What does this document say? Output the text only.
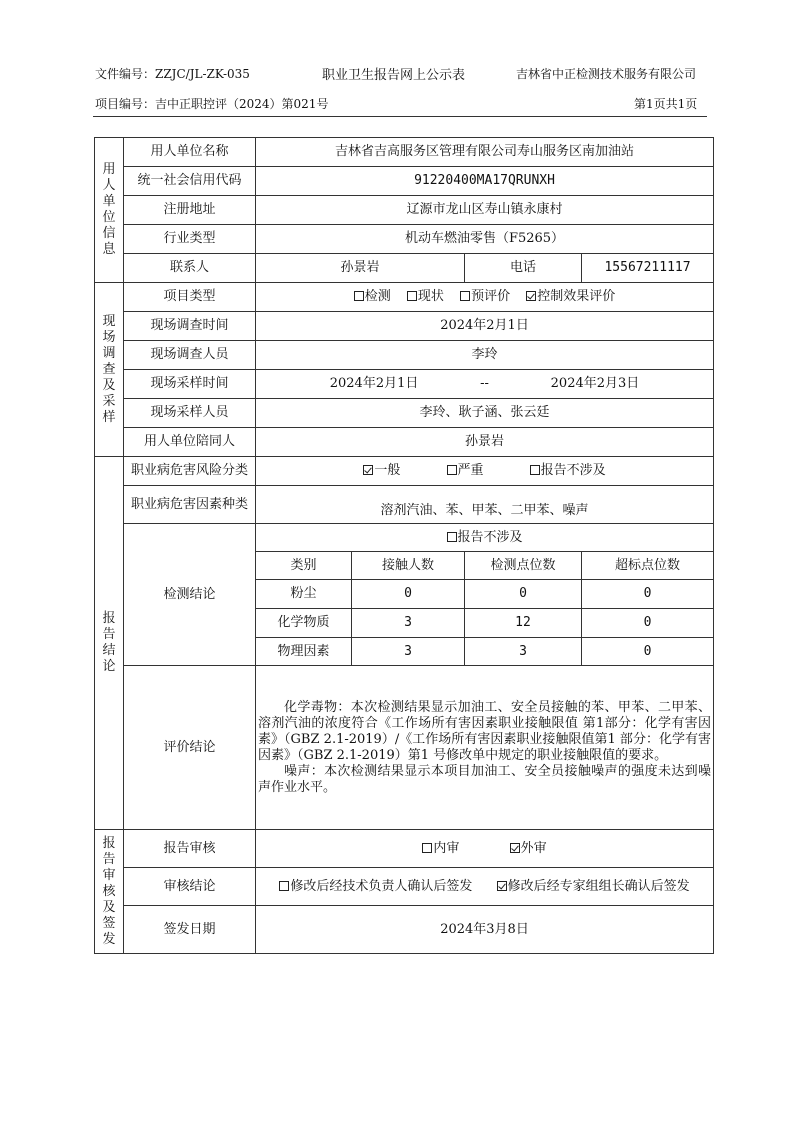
文件编号：ZZJC/JL-ZK-035	职业卫生报告网上公示表	吉林省中正检测技术服务有限公司
项目编号：吉中正职控评（2024）第021号	第1页共1页
用人单位信息	用人单位名称	吉林省吉高服务区管理有限公司寿山服务区南加油站			
	统一社会信用代码	91220400MA17QRUNXH			
	注册地址	辽源市龙山区寿山镇永康村			
	行业类型	机动车燃油零售（F5265）			
	联系人	孙景岩		电话	15567211117
现场调查及采样	项目类型	检测 现状 预评价 控制效果评价			
	现场调查时间	2024年2月1日			
	现场调查人员	李玲			
	现场采样时间	2024年2月1日 -- 2024年2月3日			
	现场采样人员	李玲、耿子涵、张云廷			
	用人单位陪同人	孙景岩			
报告结论	职业病危害风险分类	一般 严重 报告不涉及			
	职业病危害因素种类	溶剂汽油、苯、甲苯、二甲苯、噪声			
	检测结论	报告不涉及			
		类别	接触人数	检测点位数	超标点位数
		粉尘	0	0	0
		化学物质	3	12	0
		物理因素	3	3	0
	评价结论	化学毒物：本次检测结果显示加油工、安全员接触的苯、甲苯、二甲苯、溶剂汽油的浓度符合《工作场所有害因素职业接触限值 第1部分：化学有害因素》（GBZ 2.1-2019）/《工作场所有害因素职业接触限值第1 部分：化学有害因素》（GBZ 2.1-2019）第1 号修改单中规定的职业接触限值的要求。

噪声：本次检测结果显示本项目加油工、安全员接触噪声的强度未达到噪声作业水平。			

报告审核及签发	报告审核	内审 外审			
	审核结论	修改后经技术负责人确认后签发 修改后经专家组组长确认后签发			
	签发日期	2024年3月8日			
